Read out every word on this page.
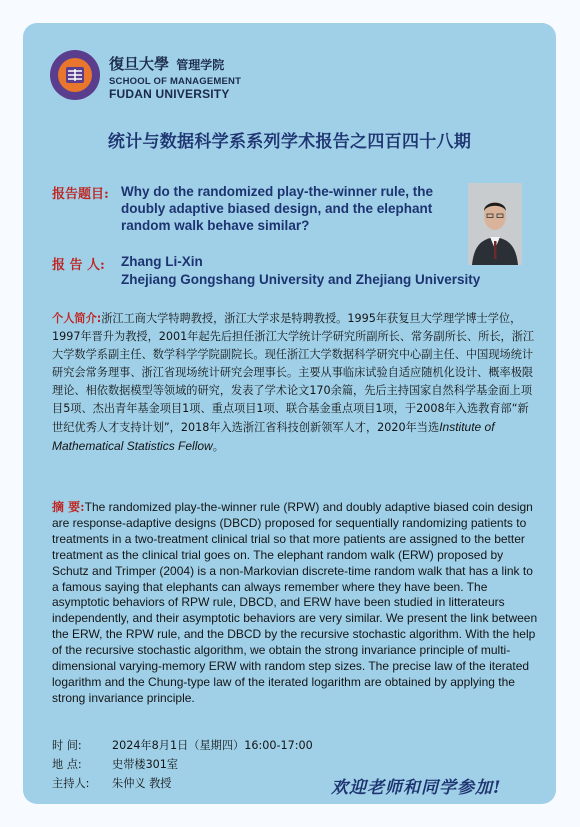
復旦大學 管理学院
SCHOOL OF MANAGEMENT
FUDAN UNIVERSITY
统计与数据科学系系列学术报告之四百四十八期
报告题目: Why do the randomized play-the-winner rule, the doubly adaptive biased design, and the elephant random walk behave similar?
报 告 人: Zhang Li-Xin
Zhejiang Gongshang University and Zhejiang University
个人简介:浙江工商大学特聘教授，浙江大学求是特聘教授。1995年获复旦大学理学博士学位，1997年晋升为教授，2001年起先后担任浙江大学统计学研究所副所长、常务副所长、所长，浙江大学数学系副主任、数学科学学院副院长。现任浙江大学数据科学研究中心副主任、中国现场统计研究会常务理事、浙江省现场统计研究会理事长。主要从事临床试验自适应随机化设计、概率极限理论、相依数据模型等领域的研究，发表了学术论文170余篇，先后主持国家自然科学基金面上项目5项、杰出青年基金项目1项、重点项目1项、联合基金重点项目1项，于2008年入选教育部“新世纪优秀人才支持计划”，2018年入选浙江省科技创新领军人才，2020年当选Institute of Mathematical Statistics Fellow。
摘 要:The randomized play-the-winner rule (RPW) and doubly adaptive biased coin design are response-adaptive designs (DBCD) proposed for sequentially randomizing patients to treatments in a two-treatment clinical trial so that more patients are assigned to the better treatment as the clinical trial goes on. The elephant random walk (ERW) proposed by Schutz and Trimper (2004) is a non-Markovian discrete-time random walk that has a link to a famous saying that elephants can always remember where they have been. The asymptotic behaviors of RPW rule, DBCD, and ERW have been studied in litterateurs independently, and their asymptotic behaviors are very similar. We present the link between the ERW, the RPW rule, and the DBCD by the recursive stochastic algorithm. With the help of the recursive stochastic algorithm, we obtain the strong invariance principle of multi-dimensional varying-memory ERW with random step sizes. The precise law of the iterated logarithm and the Chung-type law of the iterated logarithm are obtained by applying the strong invariance principle.
时 间:	2024年8月1日（星期四）16:00-17:00
地 点:	史带楼301室
主持人: 朱仲义 教授	欢迎老师和同学参加!
